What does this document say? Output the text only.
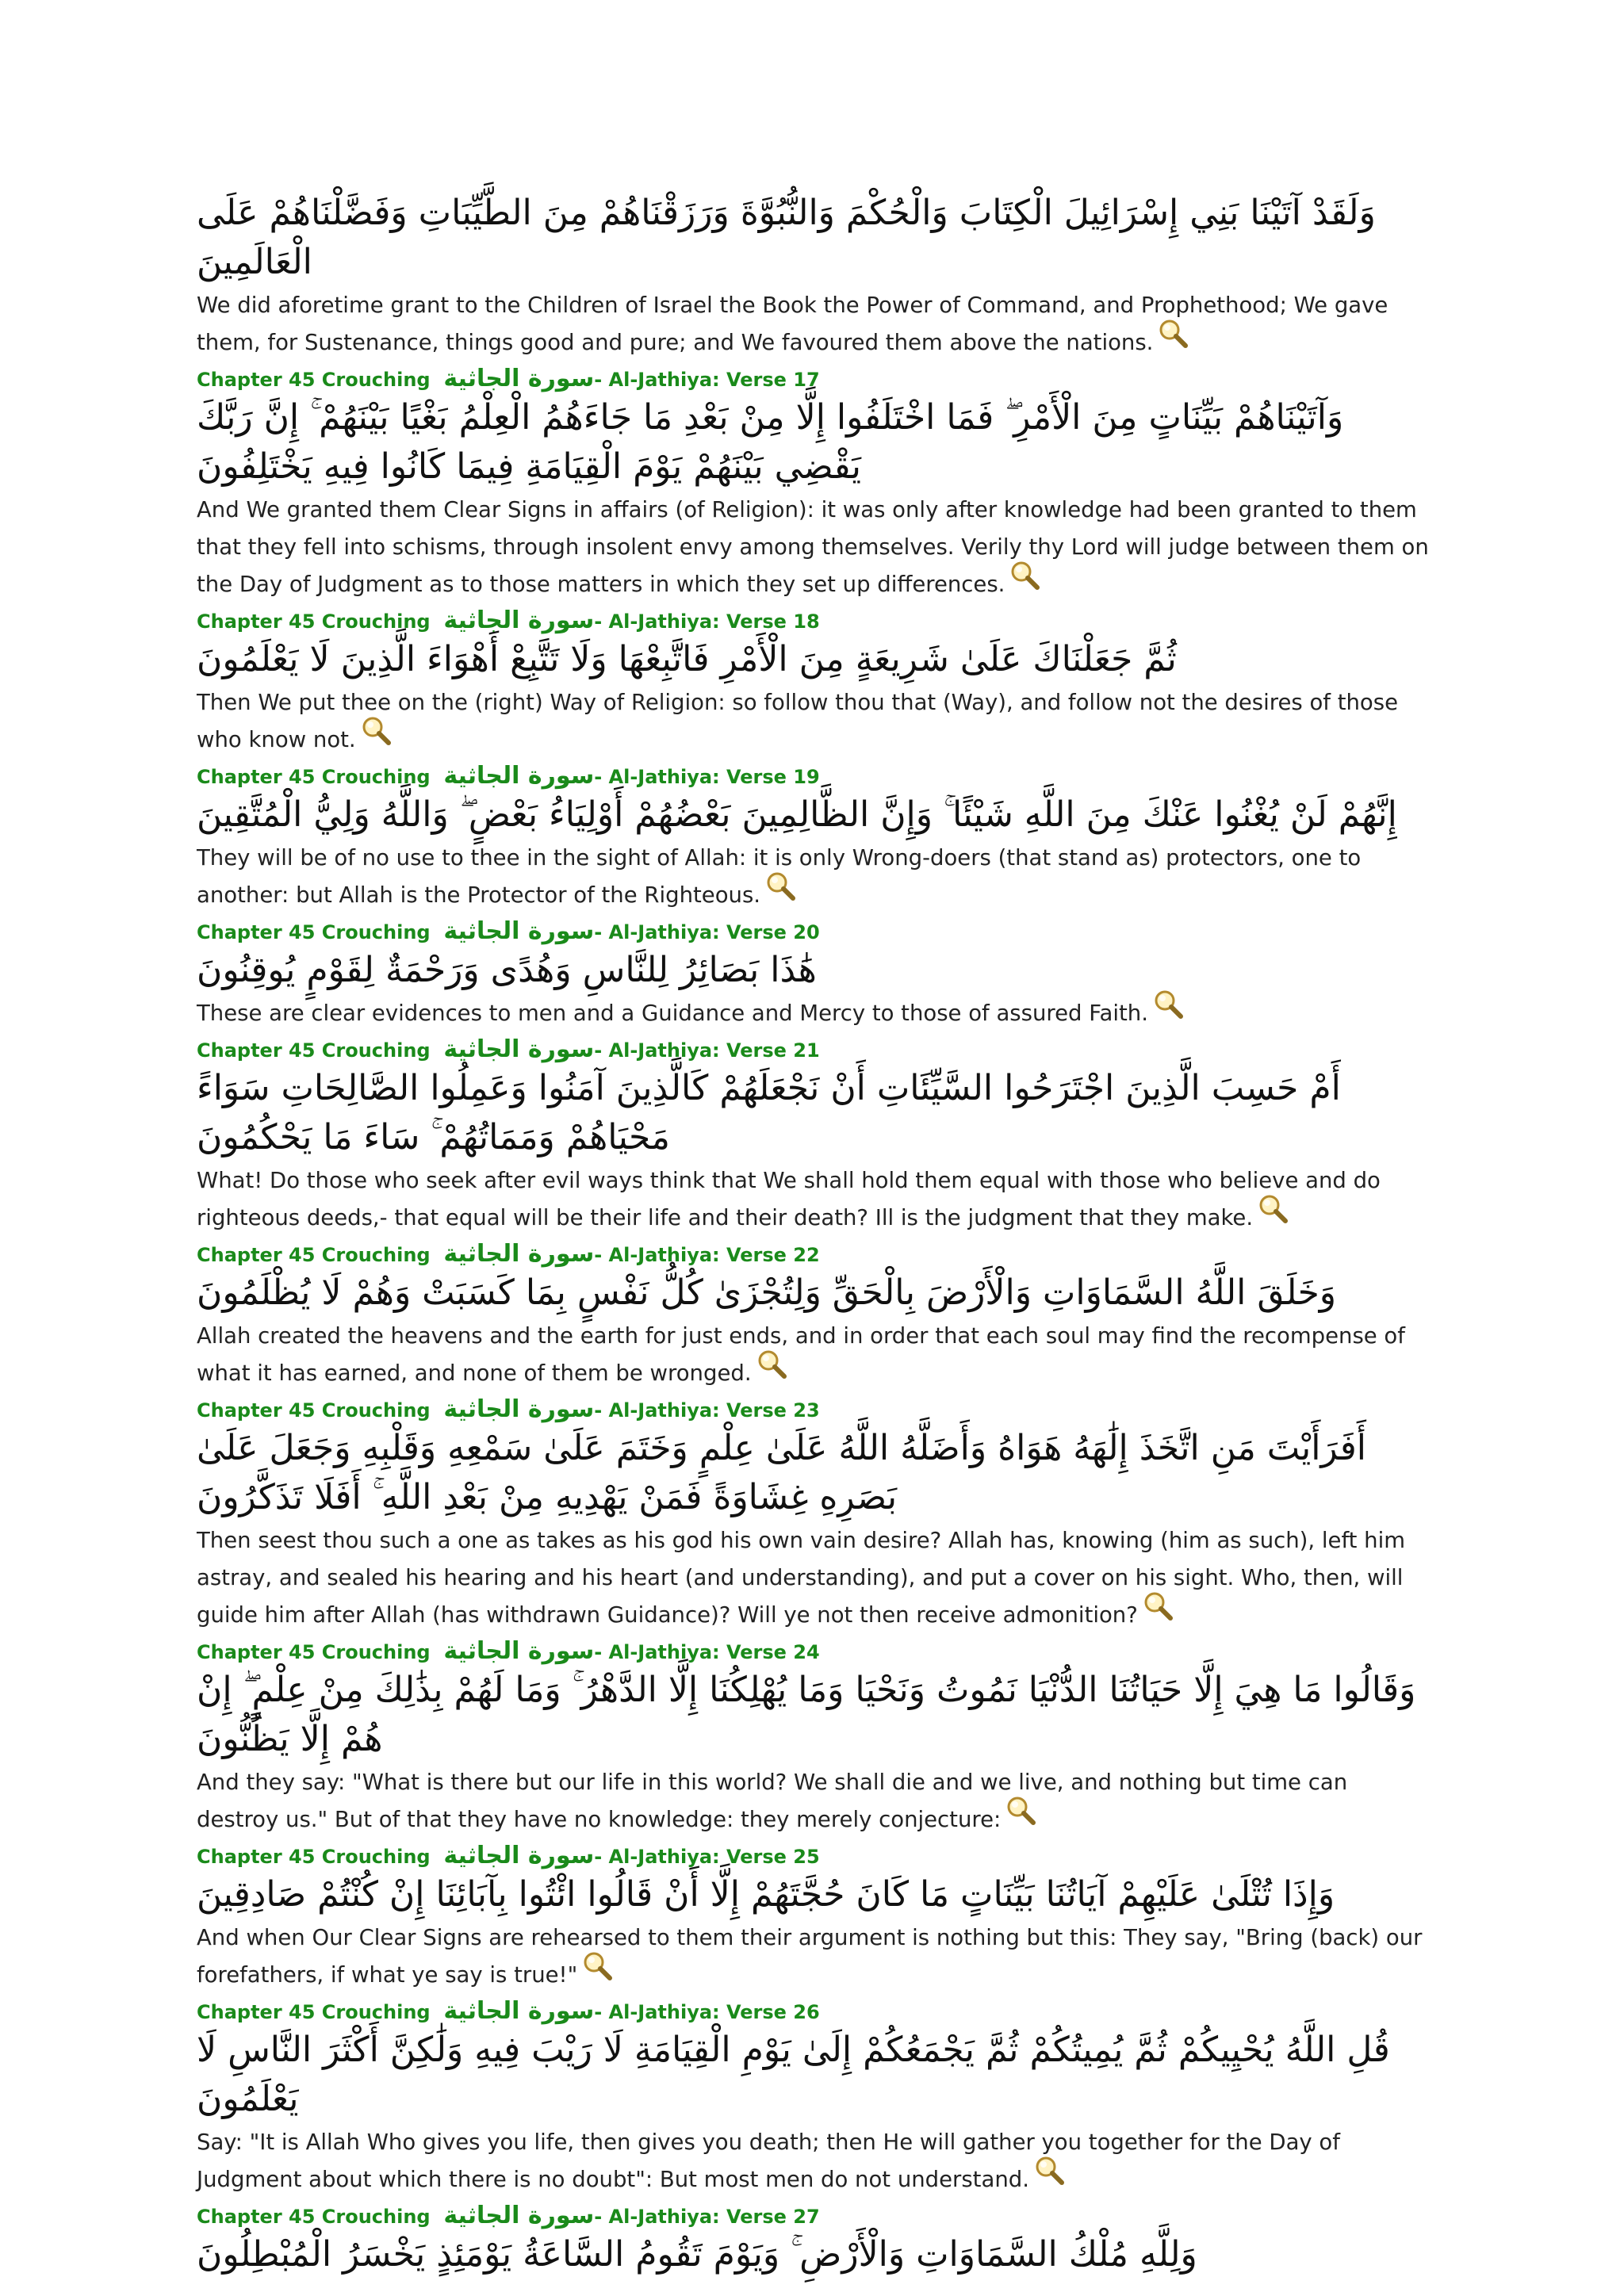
وَلَقَدْ آتَيْنَا بَنِي إِسْرَائِيلَ الْكِتَابَ وَالْحُكْمَ وَالنُّبُوَّةَ وَرَزَقْنَاهُمْ مِنَ الطَّيِّبَاتِ وَفَضَّلْنَاهُمْ عَلَى الْعَالَمِينَ

We did aforetime grant to the Children of Israel the Book the Power of Command, and Prophethood; We gave them, for Sustenance, things good and pure; and We favoured them above the nations.

Chapter 45 Crouching سورة الجاثية- Al-Jathiya: Verse 17

وَآتَيْنَاهُمْ بَيِّنَاتٍ مِنَ الْأَمْرِ ۖ فَمَا اخْتَلَفُوا إِلَّا مِنْ بَعْدِ مَا جَاءَهُمُ الْعِلْمُ بَغْيًا بَيْنَهُمْ ۚ إِنَّ رَبَّكَ يَقْضِي بَيْنَهُمْ يَوْمَ الْقِيَامَةِ فِيمَا كَانُوا فِيهِ يَخْتَلِفُونَ

And We granted them Clear Signs in affairs (of Religion): it was only after knowledge had been granted to them that they fell into schisms, through insolent envy among themselves. Verily thy Lord will judge between them on the Day of Judgment as to those matters in which they set up differences.

Chapter 45 Crouching سورة الجاثية- Al-Jathiya: Verse 18

ثُمَّ جَعَلْنَاكَ عَلَىٰ شَرِيعَةٍ مِنَ الْأَمْرِ فَاتَّبِعْهَا وَلَا تَتَّبِعْ أَهْوَاءَ الَّذِينَ لَا يَعْلَمُونَ

Then We put thee on the (right) Way of Religion: so follow thou that (Way), and follow not the desires of those who know not.

Chapter 45 Crouching سورة الجاثية- Al-Jathiya: Verse 19

إِنَّهُمْ لَنْ يُغْنُوا عَنْكَ مِنَ اللَّهِ شَيْئًا ۚ وَإِنَّ الظَّالِمِينَ بَعْضُهُمْ أَوْلِيَاءُ بَعْضٍ ۖ وَاللَّهُ وَلِيُّ الْمُتَّقِينَ

They will be of no use to thee in the sight of Allah: it is only Wrong-doers (that stand as) protectors, one to another: but Allah is the Protector of the Righteous.

Chapter 45 Crouching سورة الجاثية- Al-Jathiya: Verse 20

هَٰذَا بَصَائِرُ لِلنَّاسِ وَهُدًى وَرَحْمَةٌ لِقَوْمٍ يُوقِنُونَ

These are clear evidences to men and a Guidance and Mercy to those of assured Faith.

Chapter 45 Crouching سورة الجاثية- Al-Jathiya: Verse 21

أَمْ حَسِبَ الَّذِينَ اجْتَرَحُوا السَّيِّئَاتِ أَنْ نَجْعَلَهُمْ كَالَّذِينَ آمَنُوا وَعَمِلُوا الصَّالِحَاتِ سَوَاءً مَحْيَاهُمْ وَمَمَاتُهُمْ ۚ سَاءَ مَا يَحْكُمُونَ

What! Do those who seek after evil ways think that We shall hold them equal with those who believe and do righteous deeds,- that equal will be their life and their death? Ill is the judgment that they make.

Chapter 45 Crouching سورة الجاثية- Al-Jathiya: Verse 22

وَخَلَقَ اللَّهُ السَّمَاوَاتِ وَالْأَرْضَ بِالْحَقِّ وَلِتُجْزَىٰ كُلُّ نَفْسٍ بِمَا كَسَبَتْ وَهُمْ لَا يُظْلَمُونَ

Allah created the heavens and the earth for just ends, and in order that each soul may find the recompense of what it has earned, and none of them be wronged.

Chapter 45 Crouching سورة الجاثية- Al-Jathiya: Verse 23

أَفَرَأَيْتَ مَنِ اتَّخَذَ إِلَٰهَهُ هَوَاهُ وَأَضَلَّهُ اللَّهُ عَلَىٰ عِلْمٍ وَخَتَمَ عَلَىٰ سَمْعِهِ وَقَلْبِهِ وَجَعَلَ عَلَىٰ بَصَرِهِ غِشَاوَةً فَمَنْ يَهْدِيهِ مِنْ بَعْدِ اللَّهِ ۚ أَفَلَا تَذَكَّرُونَ

Then seest thou such a one as takes as his god his own vain desire? Allah has, knowing (him as such), left him astray, and sealed his hearing and his heart (and understanding), and put a cover on his sight. Who, then, will guide him after Allah (has withdrawn Guidance)? Will ye not then receive admonition?

Chapter 45 Crouching سورة الجاثية- Al-Jathiya: Verse 24

وَقَالُوا مَا هِيَ إِلَّا حَيَاتُنَا الدُّنْيَا نَمُوتُ وَنَحْيَا وَمَا يُهْلِكُنَا إِلَّا الدَّهْرُ ۚ وَمَا لَهُمْ بِذَٰلِكَ مِنْ عِلْمٍ ۖ إِنْ هُمْ إِلَّا يَظُنُّونَ

And they say: "What is there but our life in this world? We shall die and we live, and nothing but time can destroy us." But of that they have no knowledge: they merely conjecture:

Chapter 45 Crouching سورة الجاثية- Al-Jathiya: Verse 25

وَإِذَا تُتْلَىٰ عَلَيْهِمْ آيَاتُنَا بَيِّنَاتٍ مَا كَانَ حُجَّتَهُمْ إِلَّا أَنْ قَالُوا ائْتُوا بِآبَائِنَا إِنْ كُنْتُمْ صَادِقِينَ

And when Our Clear Signs are rehearsed to them their argument is nothing but this: They say, "Bring (back) our forefathers, if what ye say is true!"

Chapter 45 Crouching سورة الجاثية- Al-Jathiya: Verse 26

قُلِ اللَّهُ يُحْيِيكُمْ ثُمَّ يُمِيتُكُمْ ثُمَّ يَجْمَعُكُمْ إِلَىٰ يَوْمِ الْقِيَامَةِ لَا رَيْبَ فِيهِ وَلَٰكِنَّ أَكْثَرَ النَّاسِ لَا يَعْلَمُونَ

Say: "It is Allah Who gives you life, then gives you death; then He will gather you together for the Day of Judgment about which there is no doubt": But most men do not understand.

Chapter 45 Crouching سورة الجاثية- Al-Jathiya: Verse 27

وَلِلَّهِ مُلْكُ السَّمَاوَاتِ وَالْأَرْضِ ۚ وَيَوْمَ تَقُومُ السَّاعَةُ يَوْمَئِذٍ يَخْسَرُ الْمُبْطِلُونَ
